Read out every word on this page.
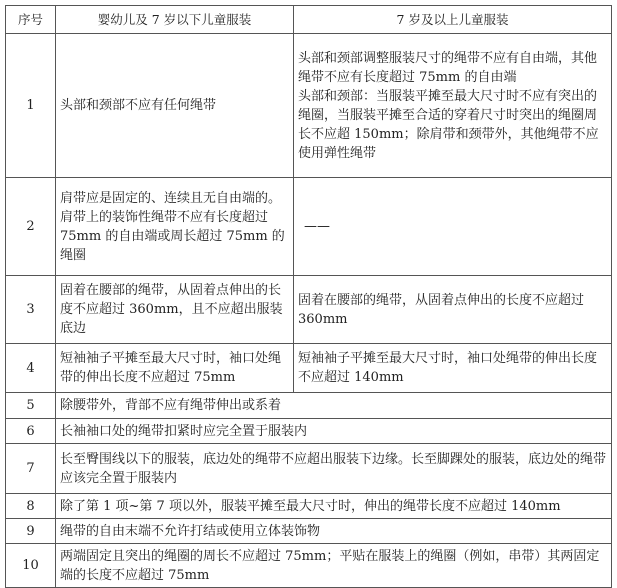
序号	婴幼儿及 7 岁以下儿童服装	7 岁及以上儿童服装
1	头部和颈部不应有任何绳带	头部和颈部调整服装尺寸的绳带不应有自由端，其他绳带不应有长度超过 75mm 的自由端
头部和颈部：当服装平摊至最大尺寸时不应有突出的绳圈，当服装平摊至合适的穿着尺寸时突出的绳圈周长不应超 150mm；除肩带和颈带外，其他绳带不应使用弹性绳带
2	肩带应是固定的、连续且无自由端的。肩带上的装饰性绳带不应有长度超过 75mm 的自由端或周长超过 75mm 的绳圈	——
3	固着在腰部的绳带，从固着点伸出的长度不应超过 360mm，且不应超出服装底边	固着在腰部的绳带，从固着点伸出的长度不应超过 360mm
4	短袖袖子平摊至最大尺寸时，袖口处绳带的伸出长度不应超过 75mm	短袖袖子平摊至最大尺寸时，袖口处绳带的伸出长度不应超过 140mm
5	除腰带外，背部不应有绳带伸出或系着	
6	长袖袖口处的绳带扣紧时应完全置于服装内	
7	长至臀围线以下的服装，底边处的绳带不应超出服装下边缘。长至脚踝处的服装，底边处的绳带应该完全置于服装内	
8	除了第 1 项~第 7 项以外，服装平摊至最大尺寸时，伸出的绳带长度不应超过 140mm	
9	绳带的自由末端不允许打结或使用立体装饰物	
10	两端固定且突出的绳圈的周长不应超过 75mm；平贴在服装上的绳圈（例如，串带）其两固定端的长度不应超过 75mm	
